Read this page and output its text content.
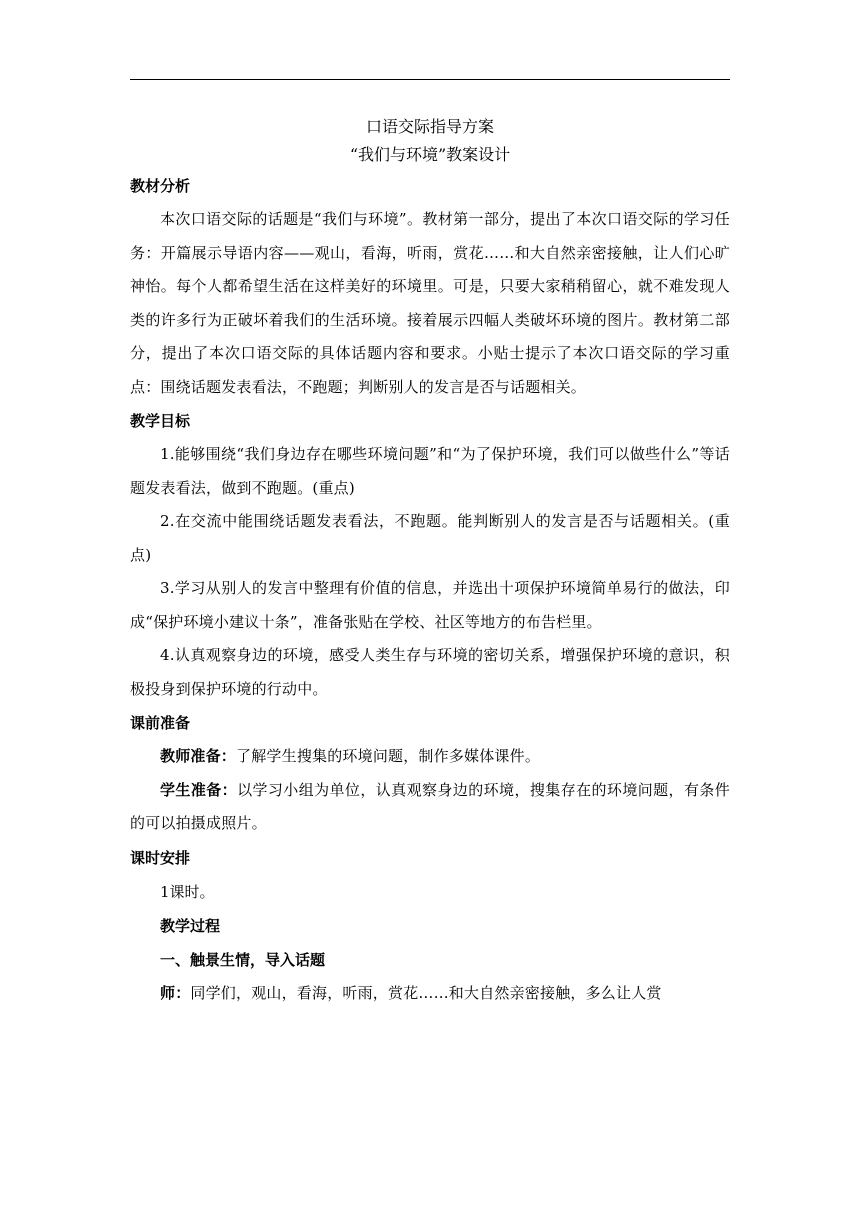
口语交际指导方案

“我们与环境”教案设计

教材分析

本次口语交际的话题是“我们与环境”。教材第一部分，提出了本次口语交际的学习任务：开篇展示导语内容——观山，看海，听雨，赏花……和大自然亲密接触，让人们心旷神怡。每个人都希望生活在这样美好的环境里。可是，只要大家稍稍留心，就不难发现人类的许多行为正破坏着我们的生活环境。接着展示四幅人类破坏环境的图片。教材第二部分，提出了本次口语交际的具体话题内容和要求。小贴士提示了本次口语交际的学习重点：围绕话题发表看法，不跑题；判断别人的发言是否与话题相关。

教学目标

1.能够围绕“我们身边存在哪些环境问题”和“为了保护环境，我们可以做些什么”等话题发表看法，做到不跑题。(重点)

2.在交流中能围绕话题发表看法，不跑题。能判断别人的发言是否与话题相关。(重点)

3.学习从别人的发言中整理有价值的信息，并选出十项保护环境简单易行的做法，印成“保护环境小建议十条”，准备张贴在学校、社区等地方的布告栏里。

4.认真观察身边的环境，感受人类生存与环境的密切关系，增强保护环境的意识，积极投身到保护环境的行动中。

课前准备

教师准备：了解学生搜集的环境问题，制作多媒体课件。

学生准备：以学习小组为单位，认真观察身边的环境，搜集存在的环境问题，有条件的可以拍摄成照片。

课时安排

1课时。

教学过程

一、触景生情，导入话题

师：同学们，观山，看海，听雨，赏花……和大自然亲密接触，多么让人赏
